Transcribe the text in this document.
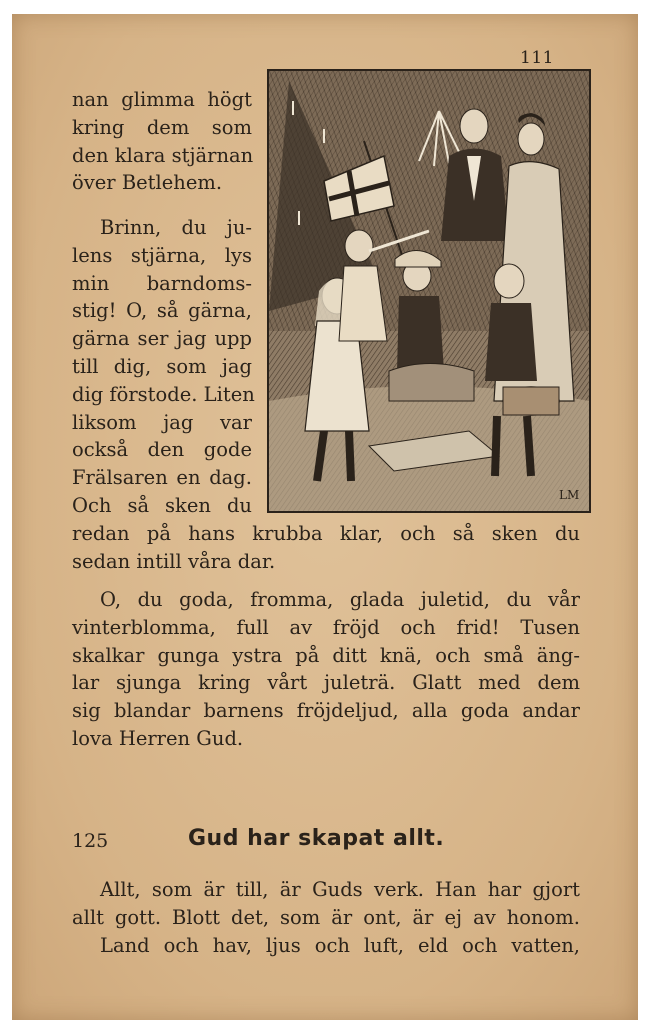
111
nan glimma högt
kring dem som
den klara stjärnan
över Betlehem.
Brinn, du ju-
lens stjärna, lys
min barndoms-
stig! O, så gärna,
gärna ser jag upp
till dig, som jag
dig förstode. Liten
liksom jag var
också den gode
Frälsaren en dag.
Och så sken du
redan på hans krubba klar, och så sken du
sedan intill våra dar.
LM
O, du goda, fromma, glada juletid, du vår
vinterblomma, full av fröjd och frid! Tusen
skalkar gunga ystra på ditt knä, och små äng-
lar sjunga kring vårt juleträ. Glatt med dem
sig blandar barnens fröjdeljud, alla goda andar
lova Herren Gud.
125	Gud har skapat allt.
Allt, som är till, är Guds verk. Han har gjort
allt gott. Blott det, som är ont, är ej av honom.
Land och hav, ljus och luft, eld och vatten,
